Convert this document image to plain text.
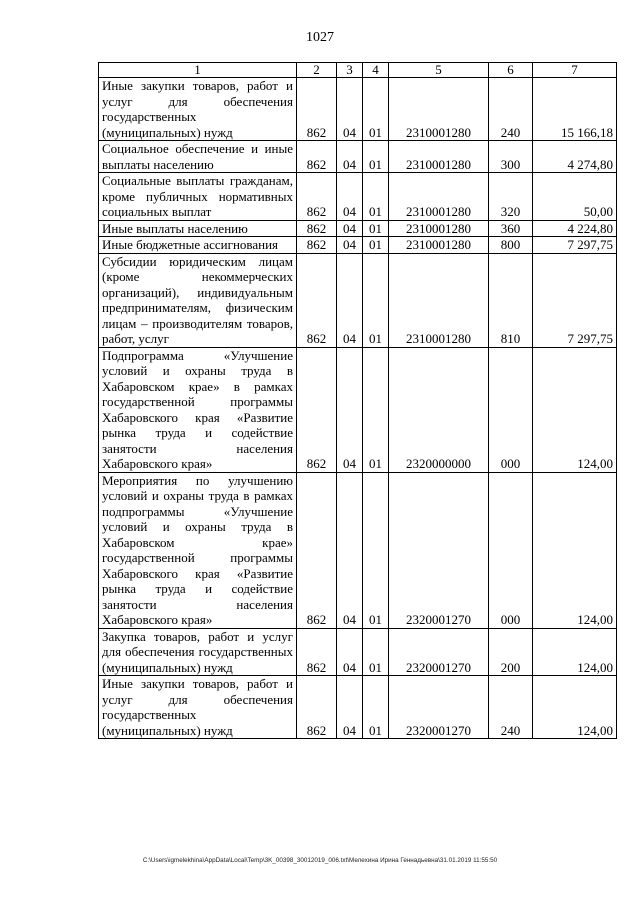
1027
1	2	3	4	5	6	7
Иные закупки товаров, работ и услуг для обеспечения государственных (муниципальных) нужд	862	04	01	2310001280	240	15 166,18
Социальное обеспечение и иные выплаты населению	862	04	01	2310001280	300	4 274,80
Социальные выплаты гражданам, кроме публичных нормативных социальных выплат	862	04	01	2310001280	320	50,00
Иные выплаты населению	862	04	01	2310001280	360	4 224,80
Иные бюджетные ассигнования	862	04	01	2310001280	800	7 297,75
Субсидии юридическим лицам (кроме некоммерческих организаций), индивидуальным предпринимателям, физическим лицам – производителям товаров, работ, услуг	862	04	01	2310001280	810	7 297,75
Подпрограмма «Улучшение условий и охраны труда в Хабаровском крае» в рамках государственной программы Хабаровского края «Развитие рынка труда и содействие занятости населения Хабаровского края»	862	04	01	2320000000	000	124,00
Мероприятия по улучшению условий и охраны труда в рамках подпрограммы «Улучшение условий и охраны труда в Хабаровском крае» государственной программы Хабаровского края «Развитие рынка труда и содействие занятости населения Хабаровского края»	862	04	01	2320001270	000	124,00
Закупка товаров, работ и услуг для обеспечения государственных (муниципальных) нужд	862	04	01	2320001270	200	124,00
Иные закупки товаров, работ и услуг для обеспечения государственных (муниципальных) нужд	862	04	01	2320001270	240	124,00
C:\Users\igmelekhina\AppData\Local\Temp\3K_00398_30012019_006.txt\Мелехина Ирина Геннадьевна\31.01.2019 11:55:50
